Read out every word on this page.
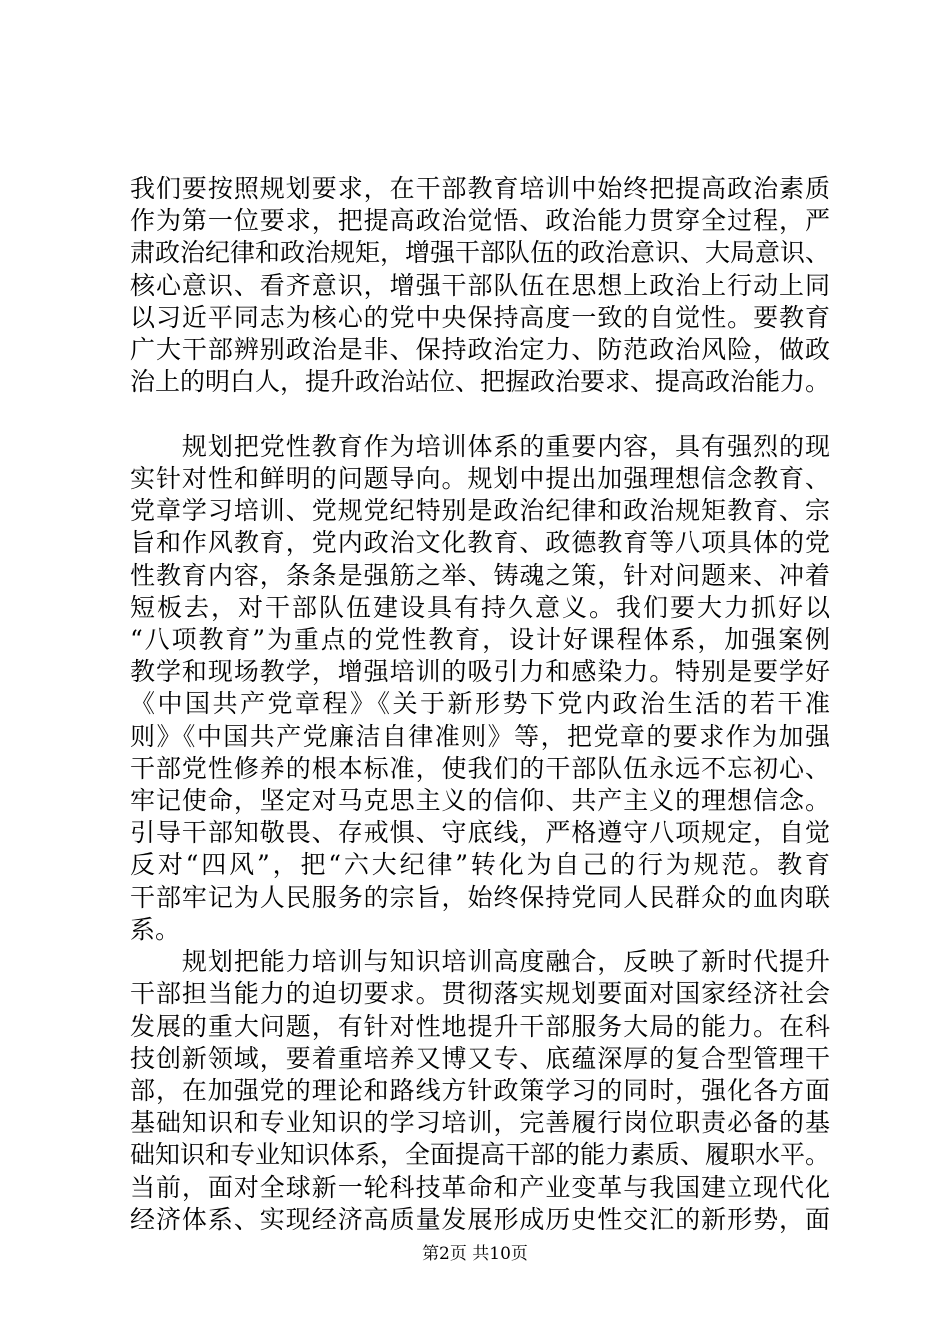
我们要按照规划要求，在干部教育培训中始终把提高政治素质
作为第一位要求，把提高政治觉悟、政治能力贯穿全过程，严
肃政治纪律和政治规矩，增强干部队伍的政治意识、大局意识、
核心意识、看齐意识，增强干部队伍在思想上政治上行动上同
以习近平同志为核心的党中央保持高度一致的自觉性。要教育
广大干部辨别政治是非、保持政治定力、防范政治风险，做政
治上的明白人，提升政治站位、把握政治要求、提高政治能力。
　　规划把党性教育作为培训体系的重要内容，具有强烈的现
实针对性和鲜明的问题导向。规划中提出加强理想信念教育、
党章学习培训、党规党纪特别是政治纪律和政治规矩教育、宗
旨和作风教育，党内政治文化教育、政德教育等八项具体的党
性教育内容，条条是强筋之举、铸魂之策，针对问题来、冲着
短板去，对干部队伍建设具有持久意义。我们要大力抓好以
“八项教育”为重点的党性教育，设计好课程体系，加强案例
教学和现场教学，增强培训的吸引力和感染力。特别是要学好
《中国共产党章程》《关于新形势下党内政治生活的若干准
则》《中国共产党廉洁自律准则》等，把党章的要求作为加强
干部党性修养的根本标准，使我们的干部队伍永远不忘初心、
牢记使命，坚定对马克思主义的信仰、共产主义的理想信念。
引导干部知敬畏、存戒惧、守底线，严格遵守八项规定，自觉
反对“四风”，把“六大纪律”转化为自己的行为规范。教育
干部牢记为人民服务的宗旨，始终保持党同人民群众的血肉联
系。
　　规划把能力培训与知识培训高度融合，反映了新时代提升
干部担当能力的迫切要求。贯彻落实规划要面对国家经济社会
发展的重大问题，有针对性地提升干部服务大局的能力。在科
技创新领域，要着重培养又博又专、底蕴深厚的复合型管理干
部，在加强党的理论和路线方针政策学习的同时，强化各方面
基础知识和专业知识的学习培训，完善履行岗位职责必备的基
础知识和专业知识体系，全面提高干部的能力素质、履职水平。
当前，面对全球新一轮科技革命和产业变革与我国建立现代化
经济体系、实现经济高质量发展形成历史性交汇的新形势，面
第2页 共10页
